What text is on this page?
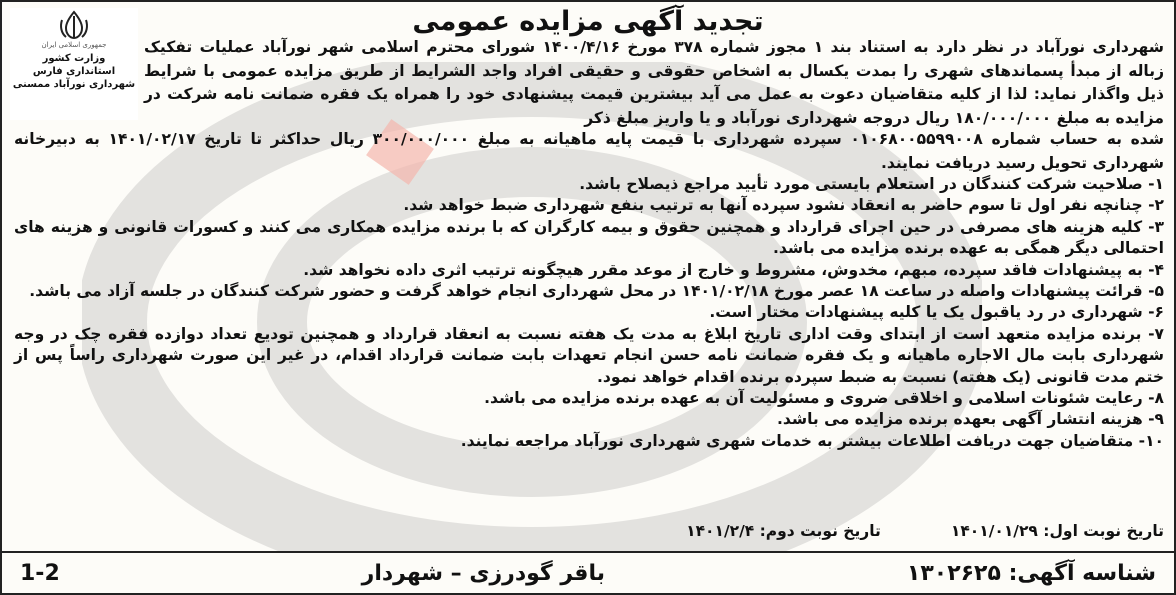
جمهوری اسلامی ایران
وزارت کشور
استانداری فارس
شهرداری نورآباد ممسنی
تجدید آگهی مزایده عمومی

شهرداری نورآباد در نظر دارد به استناد بند ۱ مجوز شماره ۳۷۸ مورخ ۱۴۰۰/۴/۱۶ شورای محترم اسلامی شهر نورآباد عملیات تفکیک زباله از مبدأ پسماندهای شهری را بمدت یکسال به اشخاص حقوقی و حقیقی افراد واجد الشرایط از طریق مزایده عمومی با شرایط ذیل واگذار نماید: لذا از کلیه متقاضیان دعوت به عمل می آید بیشترین قیمت پیشنهادی خود را همراه یک فقره ضمانت نامه شرکت در مزایده به مبلغ ۱۸۰/۰۰۰/۰۰۰ ریال دروجه شهرداری نورآباد و یا واریز مبلغ ذکر

شده به حساب شماره ۰۱۰۶۸۰۰۵۵۹۹۰۰۸ سپرده شهرداری با قیمت پایه ماهیانه به مبلغ ۳۰۰/۰۰۰/۰۰۰ ریال حداکثر تا تاریخ ۱۴۰۱/۰۲/۱۷ به دبیرخانه شهرداری تحویل رسید دریافت نمایند.

۱- صلاحیت شرکت کنندگان در استعلام بایستی مورد تأیید مراجع ذیصلاح باشد.

۲- چنانچه نفر اول تا سوم حاضر به انعقاد نشود سپرده آنها به ترتیب بنفع شهرداری ضبط خواهد شد.

۳- کلیه هزینه های مصرفی در حین اجرای قرارداد و همچنین حقوق و بیمه کارگران که با برنده مزایده همکاری می کنند و کسورات قانونی و هزینه های احتمالی دیگر همگی به عهده برنده مزایده می باشد.

۴- به پیشنهادات فاقد سپرده، مبهم، مخدوش، مشروط و خارج از موعد مقرر هیچگونه ترتیب اثری داده نخواهد شد.

۵- قرائت پیشنهادات واصله در ساعت ۱۸ عصر مورخ ۱۴۰۱/۰۲/۱۸ در محل شهرداری انجام خواهد گرفت و حضور شرکت کنندگان در جلسه آزاد می باشد.

۶- شهرداری در رد یاقبول یک یا کلیه پیشنهادات مختار است.

۷- برنده مزایده متعهد است از ابتدای وقت اداری تاریخ ابلاغ به مدت یک هفته نسبت به انعقاد قرارداد و همچنین تودیع تعداد دوازده فقره چک در وجه شهرداری بابت مال الاجاره ماهیانه و یک فقره ضمانت نامه حسن انجام تعهدات بابت ضمانت قرارداد اقدام، در غیر این صورت شهرداری راساً پس از ختم مدت قانونی (یک هفته) نسبت به ضبط سپرده برنده اقدام خواهد نمود.

۸- رعایت شئونات اسلامی و اخلاقی ضروی و مسئولیت آن به عهده برنده مزایده می باشد.

۹- هزینه انتشار آگهی بعهده برنده مزایده می باشد.

۱۰- متقاضیان جهت دریافت اطلاعات بیشتر به خدمات شهری شهرداری نورآباد مراجعه نمایند.

تاریخ نوبت اول: ۱۴۰۱/۰۱/۲۹
تاریخ نوبت دوم: ۱۴۰۱/۲/۴
شناسه آگهی: ۱۳۰۲۶۲۵
باقر گودرزی – شهردار
1-2
